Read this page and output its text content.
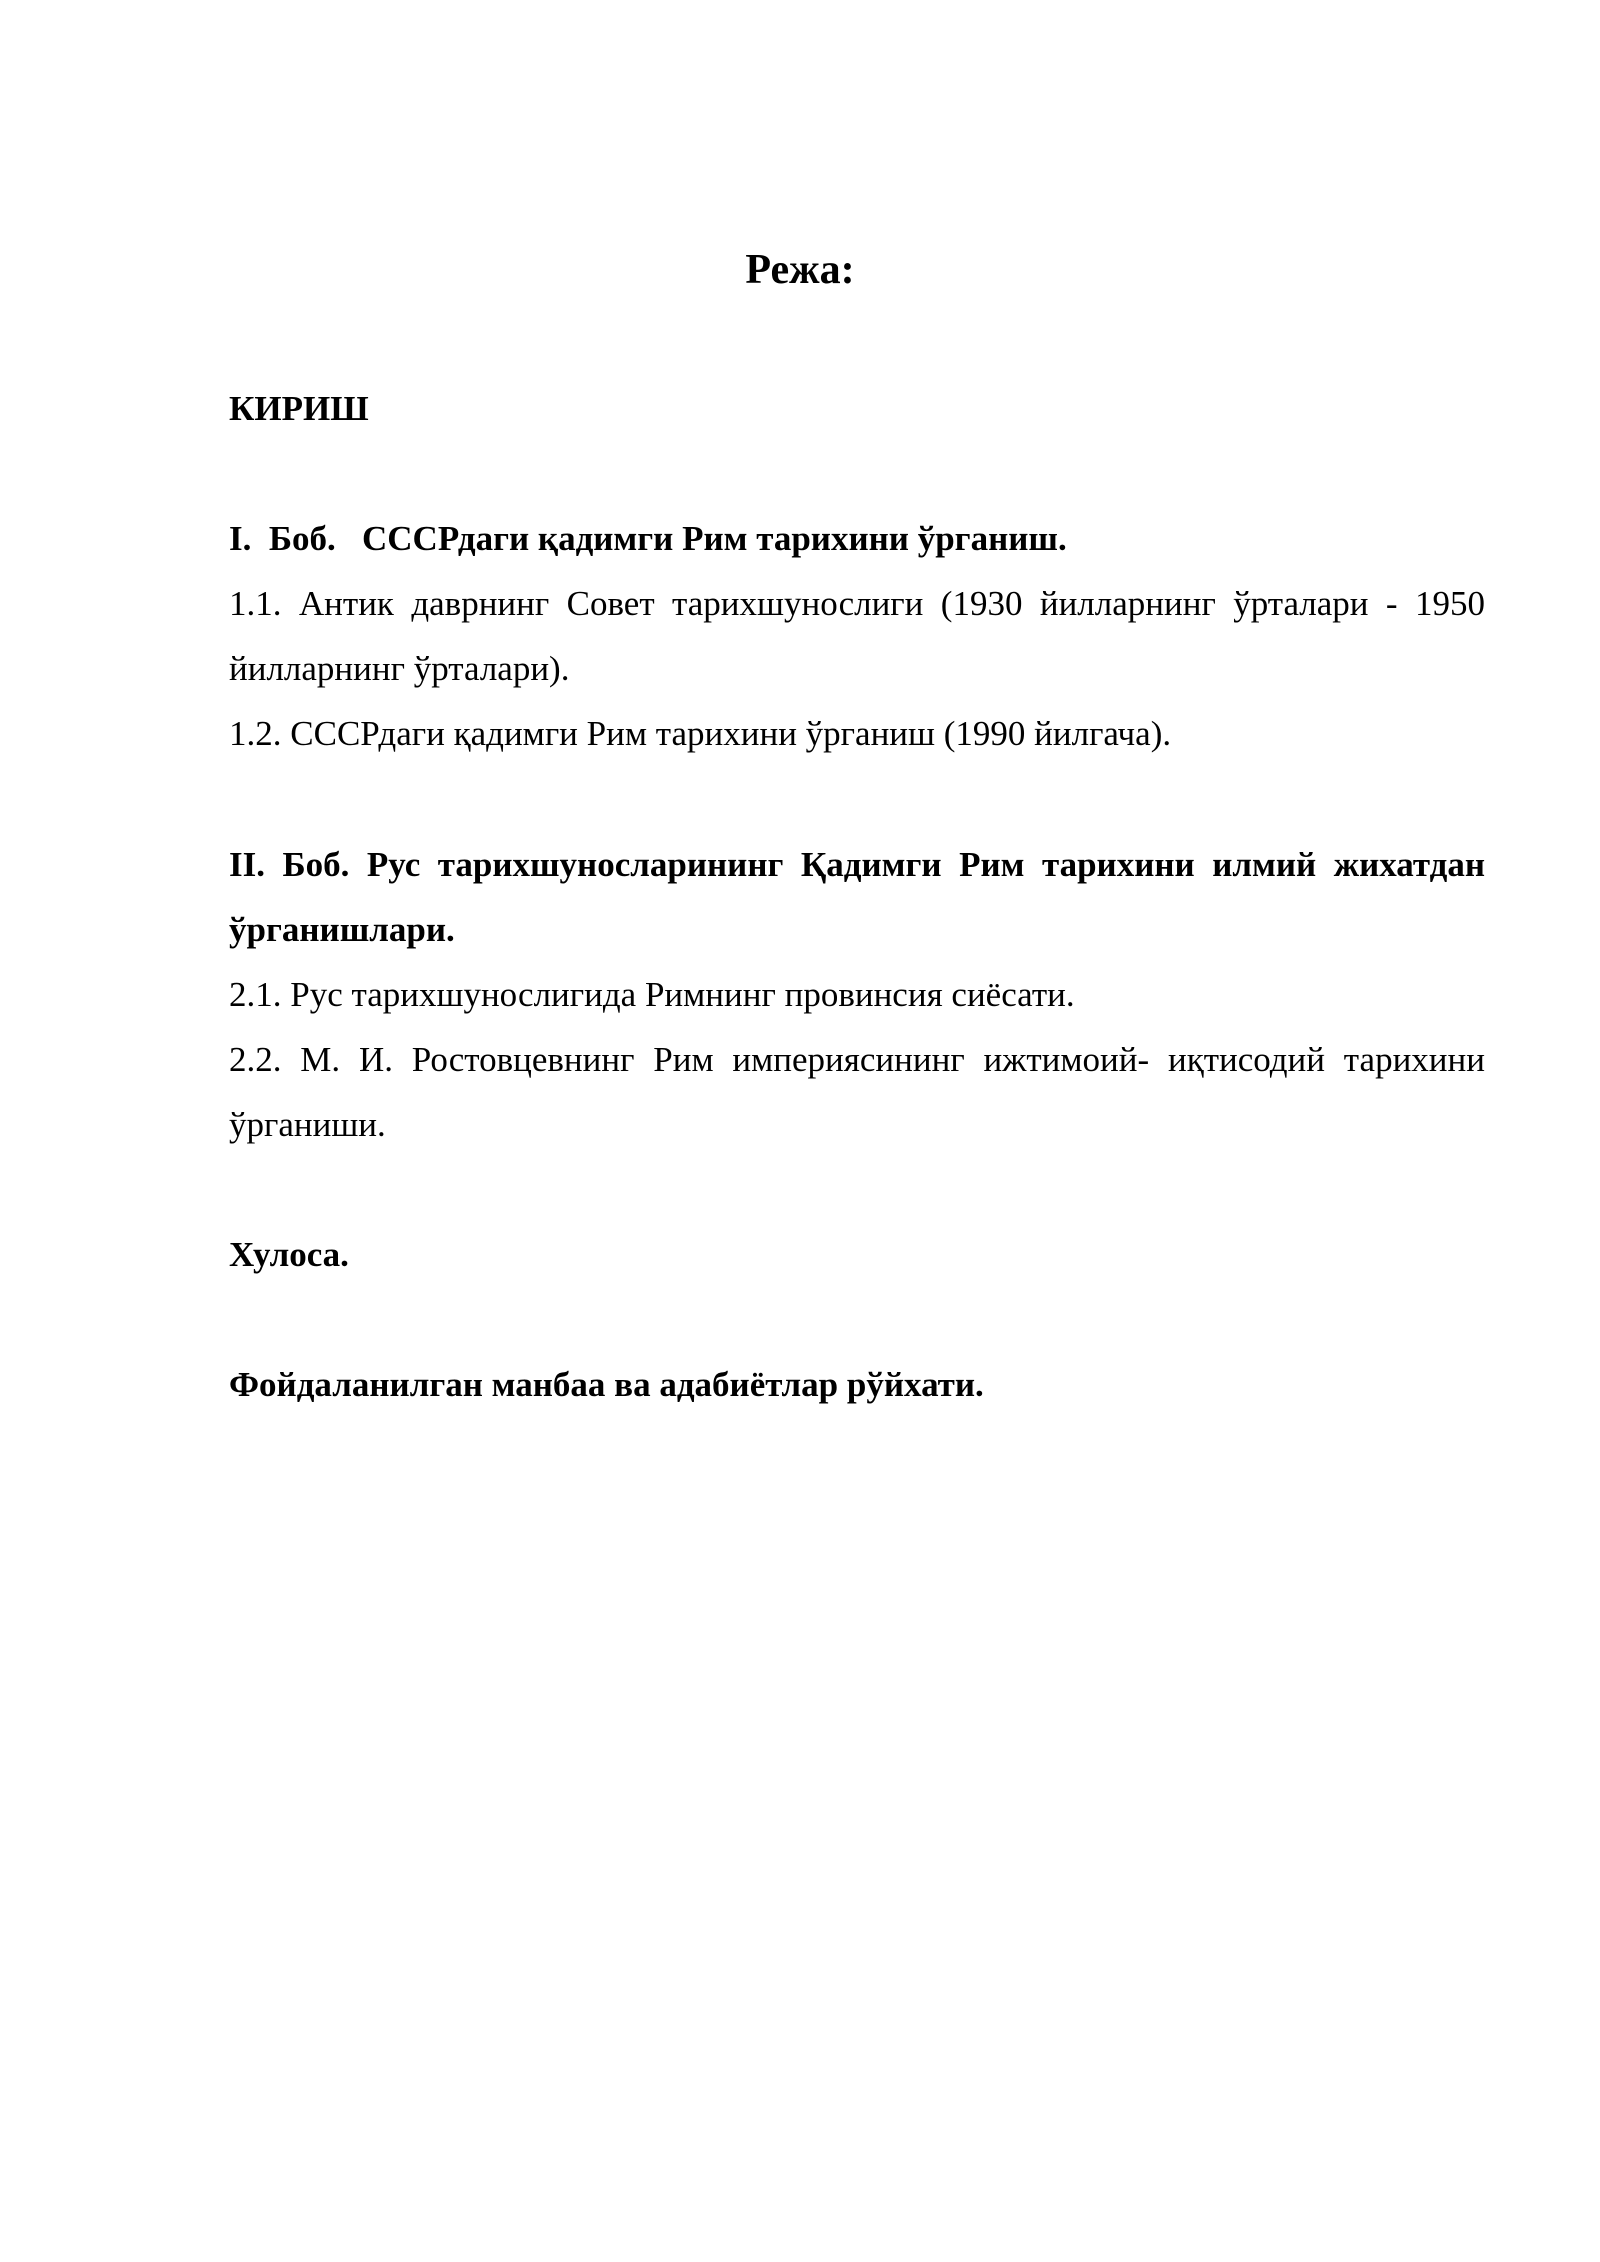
Режа:

КИРИШ

I.  Боб.   СССРдаги қадимги Рим тарихини ўрганиш.

1.1. Антик даврнинг Совет тарихшунослиги (1930 йилларнинг ўрталари - 1950 йилларнинг ўрталари).

1.2. СССРдаги қадимги Рим тарихини ўрганиш (1990 йилгача).

II. Боб. Рус тарихшуносларининг Қадимги Рим тарихини илмий жихатдан ўрганишлари.

2.1. Рус тарихшунослигида Римнинг провинсия сиёсати.

2.2. М. И. Ростовцевнинг Рим империясининг ижтимоий- иқтисодий тарихини ўрганиши.

Хулоса.

Фойдаланилган манбаа ва адабиётлар рўйхати.
